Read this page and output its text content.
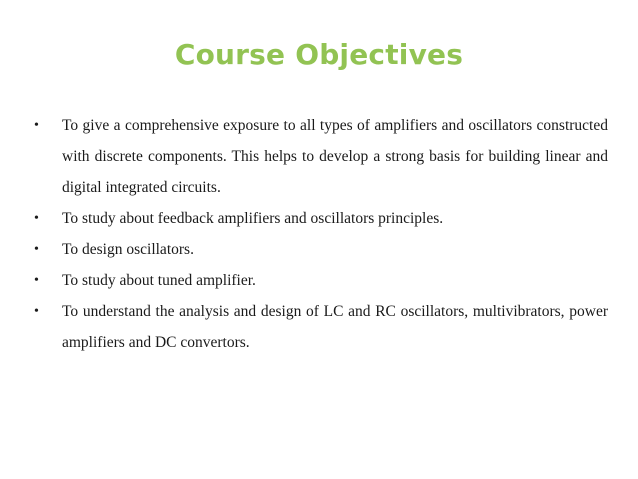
Course Objectives
• To give a comprehensive exposure to all types of amplifiers and oscillators constructed with discrete components. This helps to develop a strong basis for building linear and digital integrated circuits.
• To study about feedback amplifiers and oscillators principles.
• To design oscillators.
• To study about tuned amplifier.
• To understand the analysis and design of LC and RC oscillators, multivibrators, power amplifiers and DC convertors.
